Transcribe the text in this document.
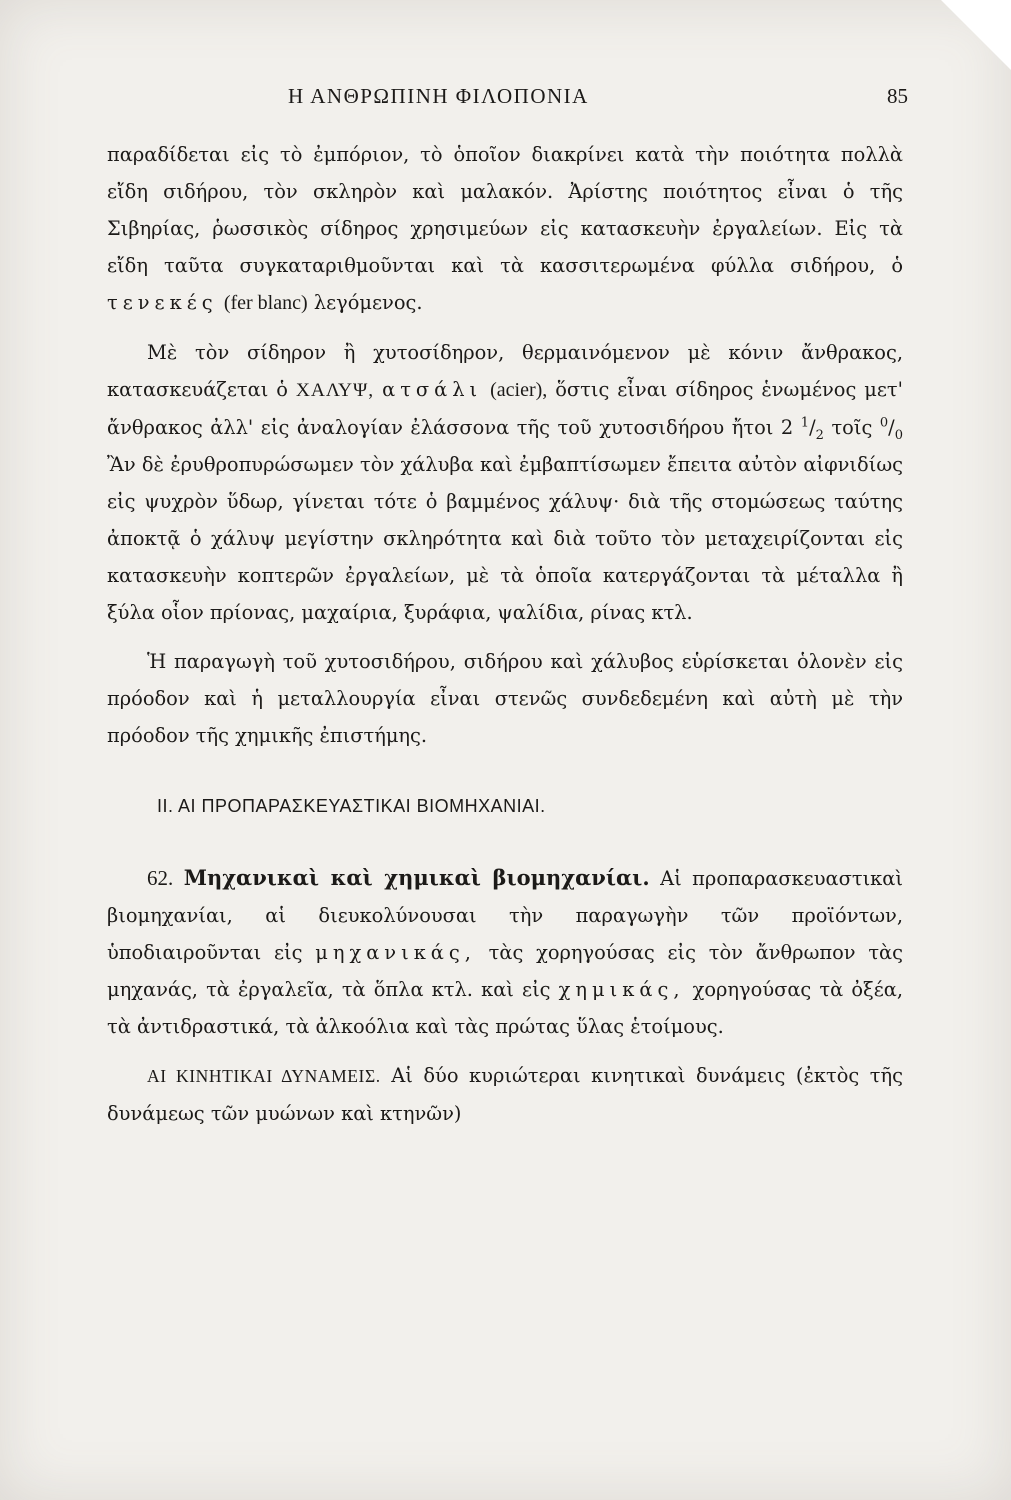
Η ΑΝΘΡΩΠΙΝΗ ΦΙΛΟΠΟΝΙΑ	85

παραδίδεται εἰς τὸ ἐμπόριον, τὸ ὁποῖον διακρίνει κατὰ τὴν ποιότητα πολλὰ εἴδη σιδήρου, τὸν σκληρὸν καὶ μαλακόν. Ἀρίστης ποιότητος εἶναι ὁ τῆς Σιβηρίας, ῥωσσικὸς σίδηρος χρησιμεύων εἰς κατασκευὴν ἐργαλείων. Εἰς τὰ εἴδη ταῦτα συγκαταριθμοῦνται καὶ τὰ κασσιτερωμένα φύλλα σιδήρου, ὁ τενεκές (fer blanc) λεγόμενος.

Μὲ τὸν σίδηρον ἢ χυτοσίδηρον, θερμαινόμενον μὲ κόνιν ἄνθρακος, κατασκευάζεται ὁ ΧΑΛΥΨ, ατσάλι (acier), ὅστις εἶναι σίδηρος ἑνωμένος μετ' ἄνθρακος ἀλλ' εἰς ἀναλογίαν ἐλάσσονα τῆς τοῦ χυτοσιδήρου ἤτοι 2 $^1/_2$ τοῖς $^0/_0$ Ἂν δὲ ἐρυθροπυρώσωμεν τὸν χάλυβα καὶ ἐμβαπτίσωμεν ἔπειτα αὐτὸν αἰφνιδίως εἰς ψυχρὸν ὕδωρ, γίνεται τότε ὁ βαμμένος χάλυψ· διὰ τῆς στομώσεως ταύτης ἀποκτᾷ ὁ χάλυψ μεγίστην σκληρότητα καὶ διὰ τοῦτο τὸν μεταχειρίζονται εἰς κατασκευὴν κοπτερῶν ἐργαλείων, μὲ τὰ ὁποῖα κατεργάζονται τὰ μέταλλα ἢ ξύλα οἷον πρίονας, μαχαίρια, ξυράφια, ψαλίδια, ρίνας κτλ.

Ἡ παραγωγὴ τοῦ χυτοσιδήρου, σιδήρου καὶ χάλυβος εὑρίσκεται ὁλονὲν εἰς πρόοδον καὶ ἡ μεταλλουργία εἶναι στενῶς συνδεδεμένη καὶ αὐτὴ μὲ τὴν πρόοδον τῆς χημικῆς ἐπιστήμης.

ΙΙ. ΑΙ ΠΡΟΠΑΡΑΣΚΕΥΑΣΤΙΚΑΙ ΒΙΟΜΗΧΑΝΙΑΙ.

62. Μηχανικαὶ καὶ χημικαὶ βιομηχανίαι. Αἱ προπαρασκευαστικαὶ βιομηχανίαι, αἱ διευκολύνουσαι τὴν παραγωγὴν τῶν προϊόντων, ὑποδιαιροῦνται εἰς μηχανικάς, τὰς χορηγούσας εἰς τὸν ἄνθρωπον τὰς μηχανάς, τὰ ἐργαλεῖα, τὰ ὅπλα κτλ. καὶ εἰς χημικάς, χορηγούσας τὰ ὀξέα, τὰ ἀντιδραστικά, τὰ ἀλκοόλια καὶ τὰς πρώτας ὕλας ἑτοίμους.

ΑΙ ΚΙΝΗΤΙΚΑΙ ΔΥΝΑΜΕΙΣ. Αἱ δύο κυριώτεραι κινητικαὶ δυνάμεις (ἐκτὸς τῆς δυνάμεως τῶν μυώνων καὶ κτηνῶν)
